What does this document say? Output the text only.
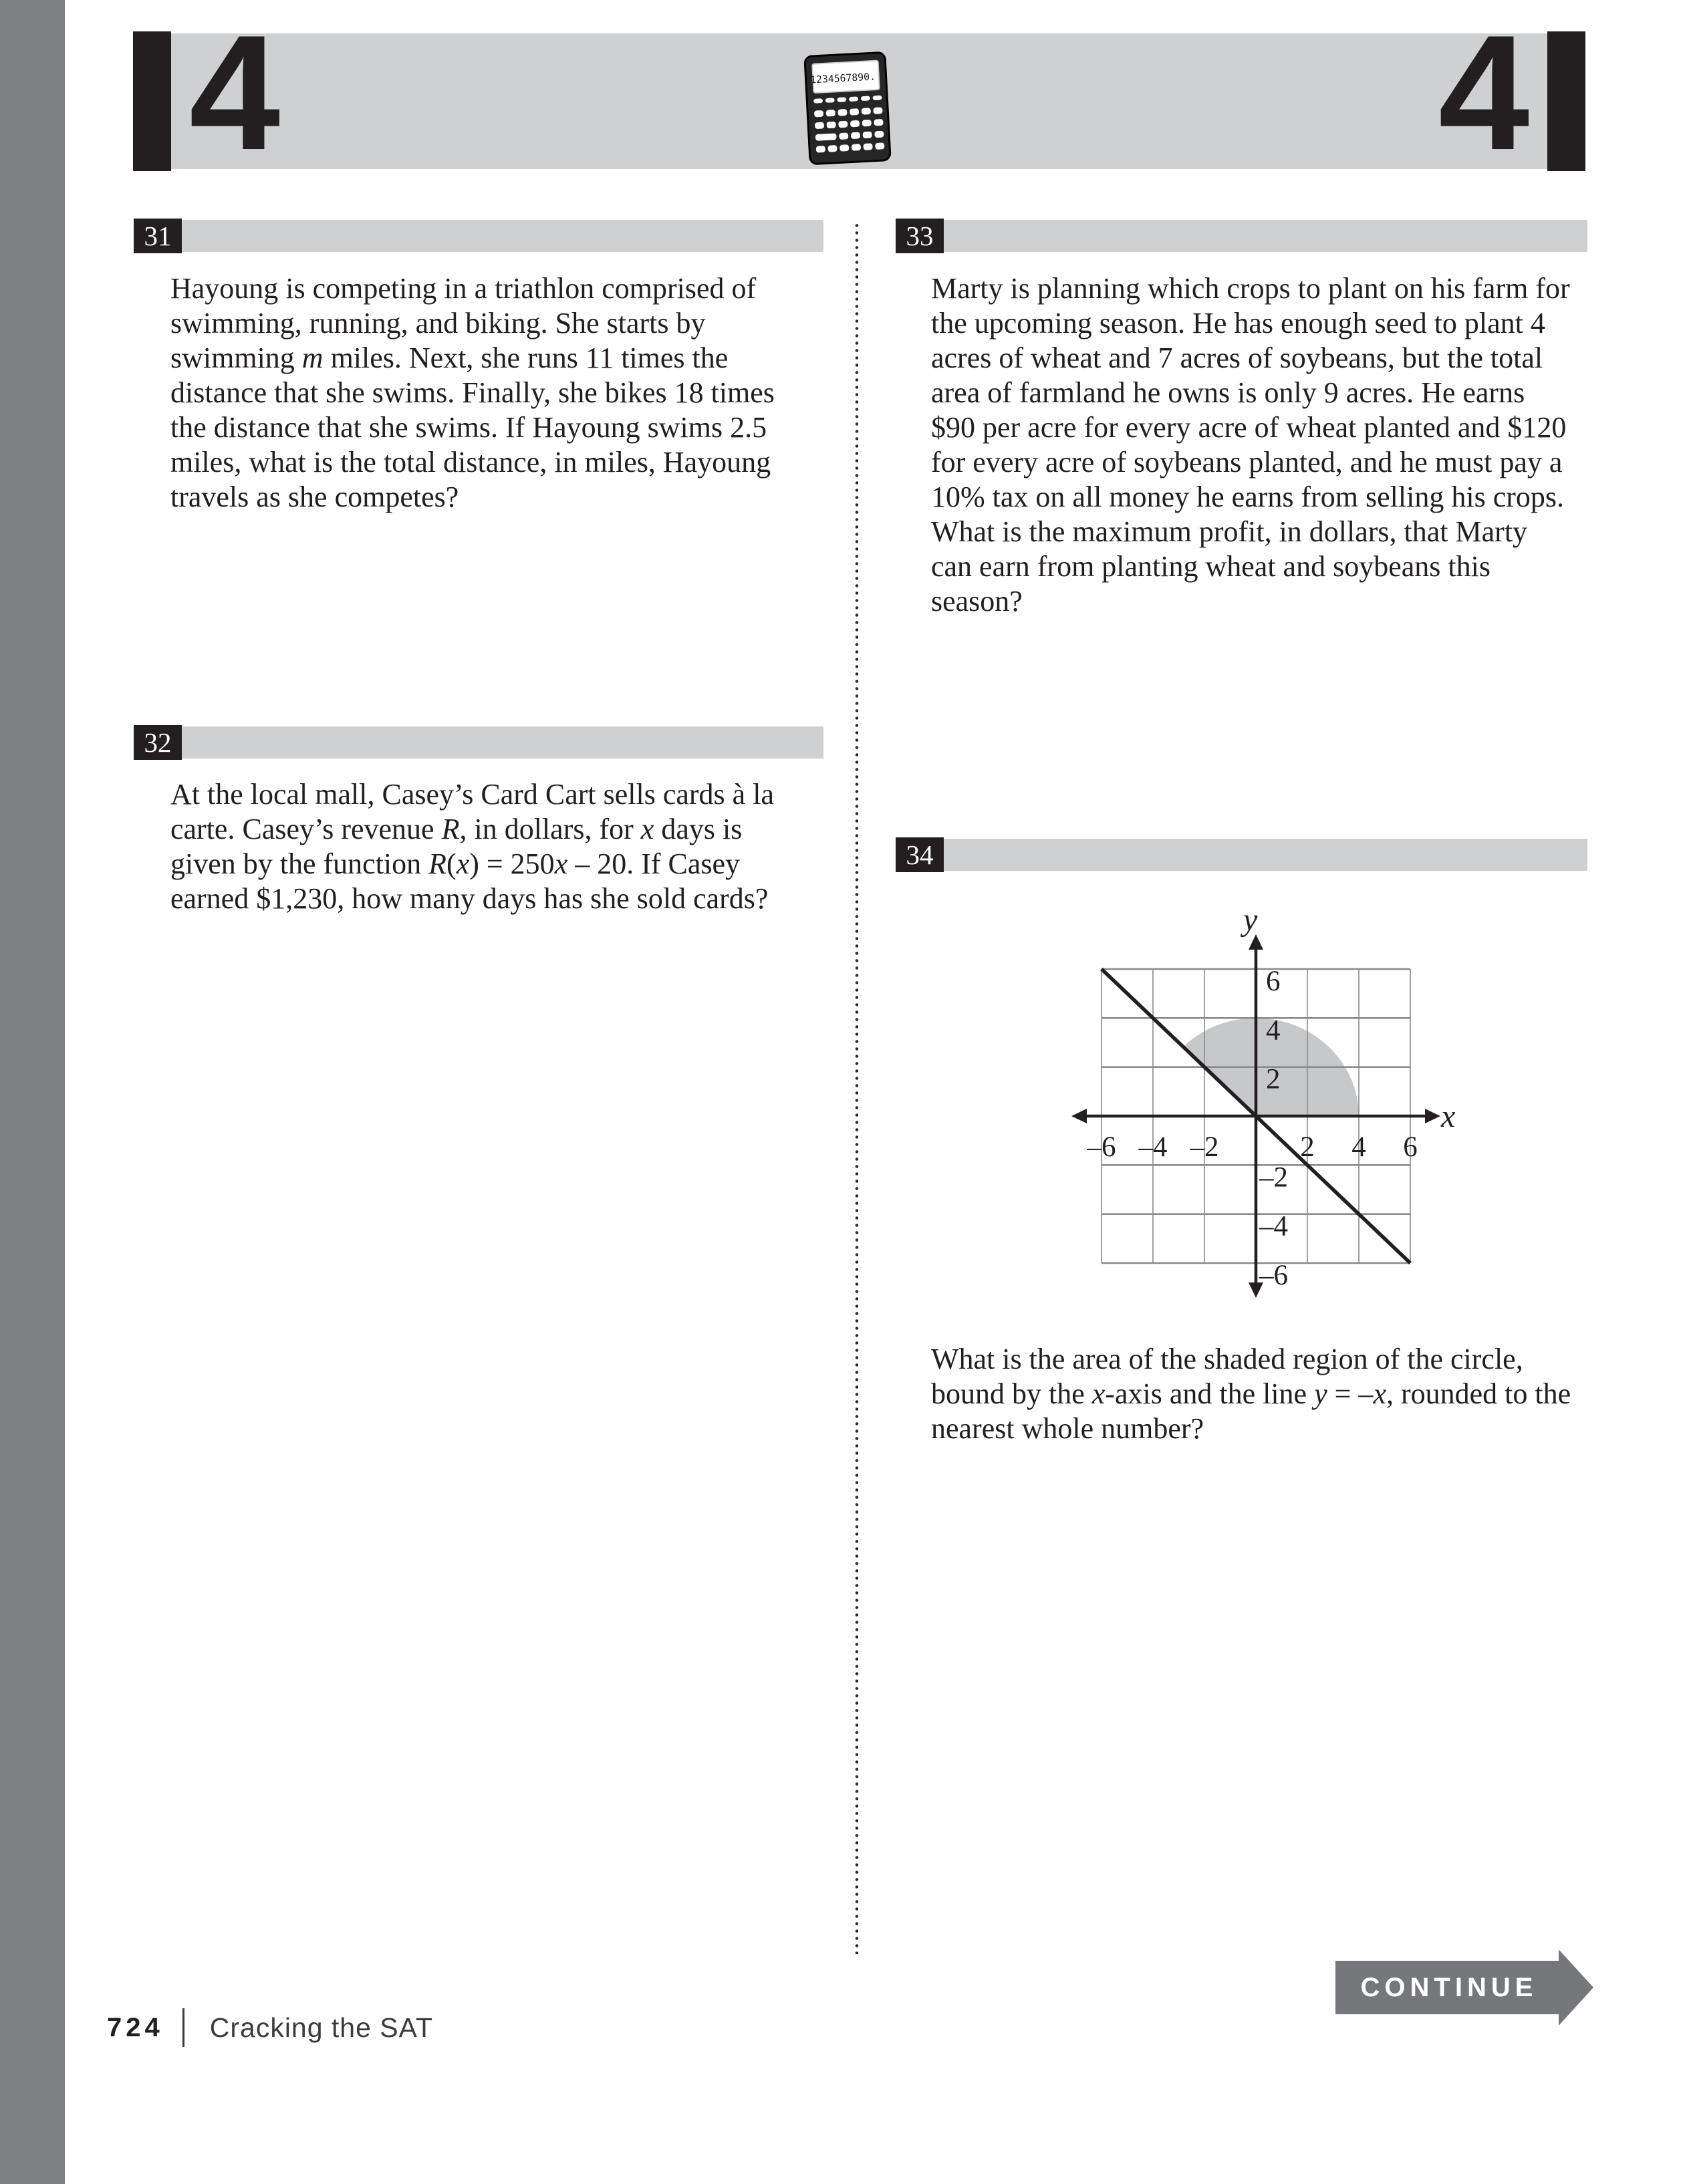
4	4
1234567890.
31
Hayoung is competing in a triathlon comprised of swimming, running, and biking. She starts by swimming m miles. Next, she runs 11 times the distance that she swims. Finally, she bikes 18 times the distance that she swims. If Hayoung swims 2.5 miles, what is the total distance, in miles, Hayoung travels as she competes?
32
At the local mall, Casey’s Card Cart sells cards à la carte. Casey’s revenue R, in dollars, for x days is given by the function R(x) = 250x – 20. If Casey earned $1,230, how many days has she sold cards?
33
Marty is planning which crops to plant on his farm for the upcoming season. He has enough seed to plant 4 acres of wheat and 7 acres of soybeans, but the total area of farmland he owns is only 9 acres. He earns $90 per acre for every acre of wheat planted and $120 for every acre of soybeans planted, and he must pay a 10% tax on all money he earns from selling his crops. What is the maximum profit, in dollars, that Marty can earn from planting wheat and soybeans this season?
34
x
y
–6 –4 –2	2 4 6
6
4
2
–2
–4
–6
What is the area of the shaded region of the circle, bound by the x-axis and the line y = –x, rounded to the nearest whole number?
724 Cracking the SAT
CONTINUE
